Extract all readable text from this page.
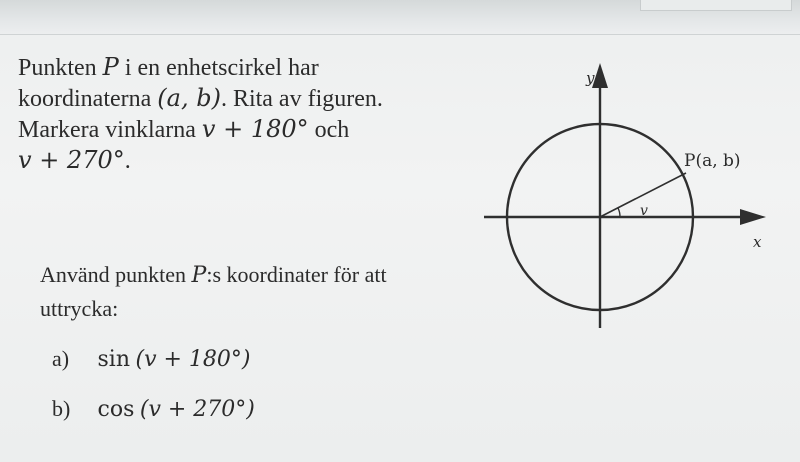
Punkten P i en enhetscirkel har
koordinaterna (a, b). Rita av figuren.
Markera vinklarna v + 180° och
v + 270°.
Använd punkten P:s koordinater för att
uttrycka:
a) sin (v + 180°)
b) cos (v + 270°)
y
x
v
P(a, b)
